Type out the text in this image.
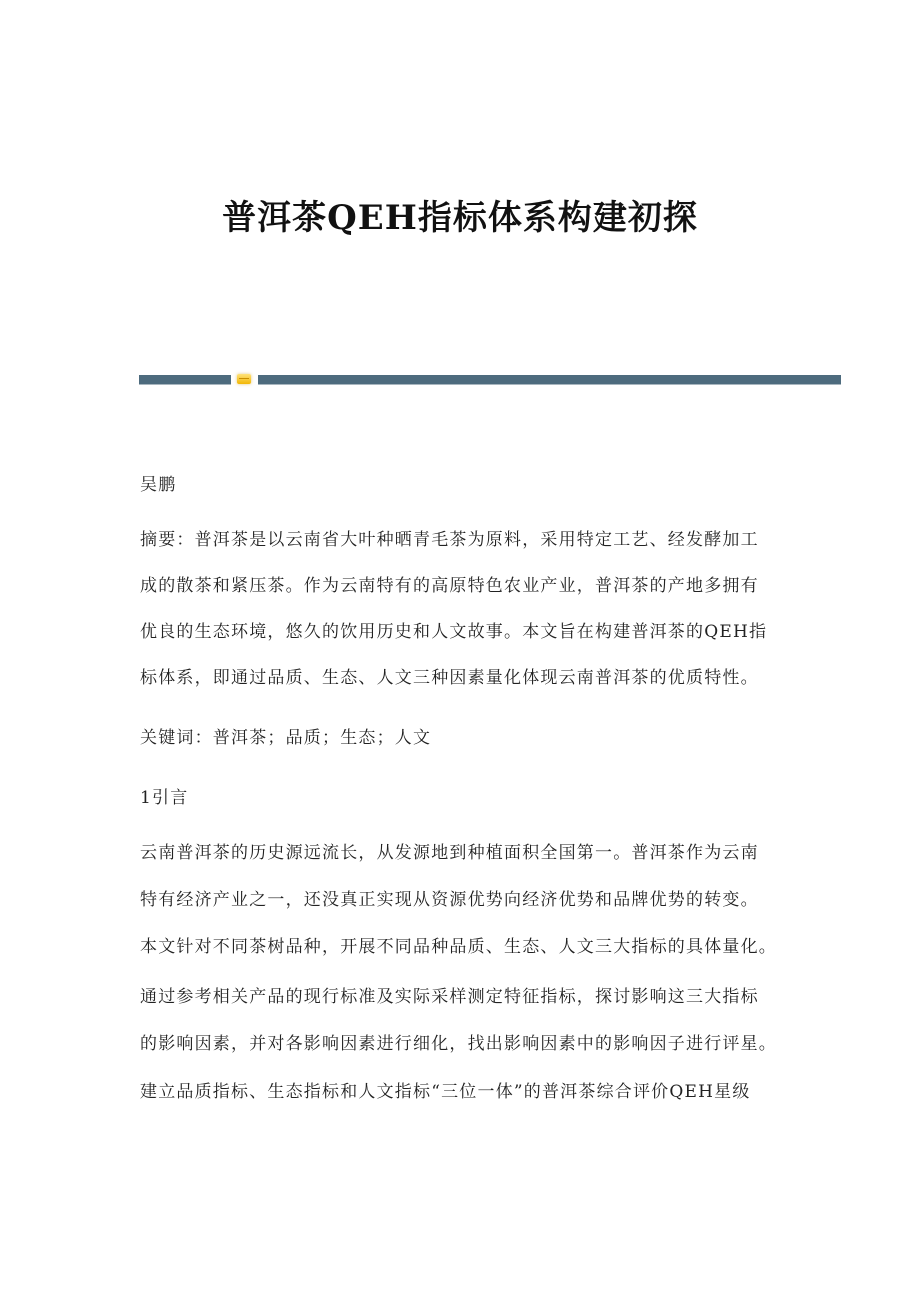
普洱茶QEH指标体系构建初探
吴鹏
摘要：普洱茶是以云南省大叶种晒青毛茶为原料，采用特定工艺、经发酵加工
成的散茶和紧压茶。作为云南特有的高原特色农业产业，普洱茶的产地多拥有
优良的生态环境，悠久的饮用历史和人文故事。本文旨在构建普洱茶的QEH指
标体系，即通过品质、生态、人文三种因素量化体现云南普洱茶的优质特性。
关键词：普洱茶；品质；生态；人文
1引言
云南普洱茶的历史源远流长，从发源地到种植面积全国第一。普洱茶作为云南
特有经济产业之一，还没真正实现从资源优势向经济优势和品牌优势的转变。
本文针对不同茶树品种，开展不同品种品质、生态、人文三大指标的具体量化。
通过参考相关产品的现行标准及实际采样测定特征指标，探讨影响这三大指标
的影响因素，并对各影响因素进行细化，找出影响因素中的影响因子进行评星。
建立品质指标、生态指标和人文指标“三位一体”的普洱茶综合评价QEH星级
